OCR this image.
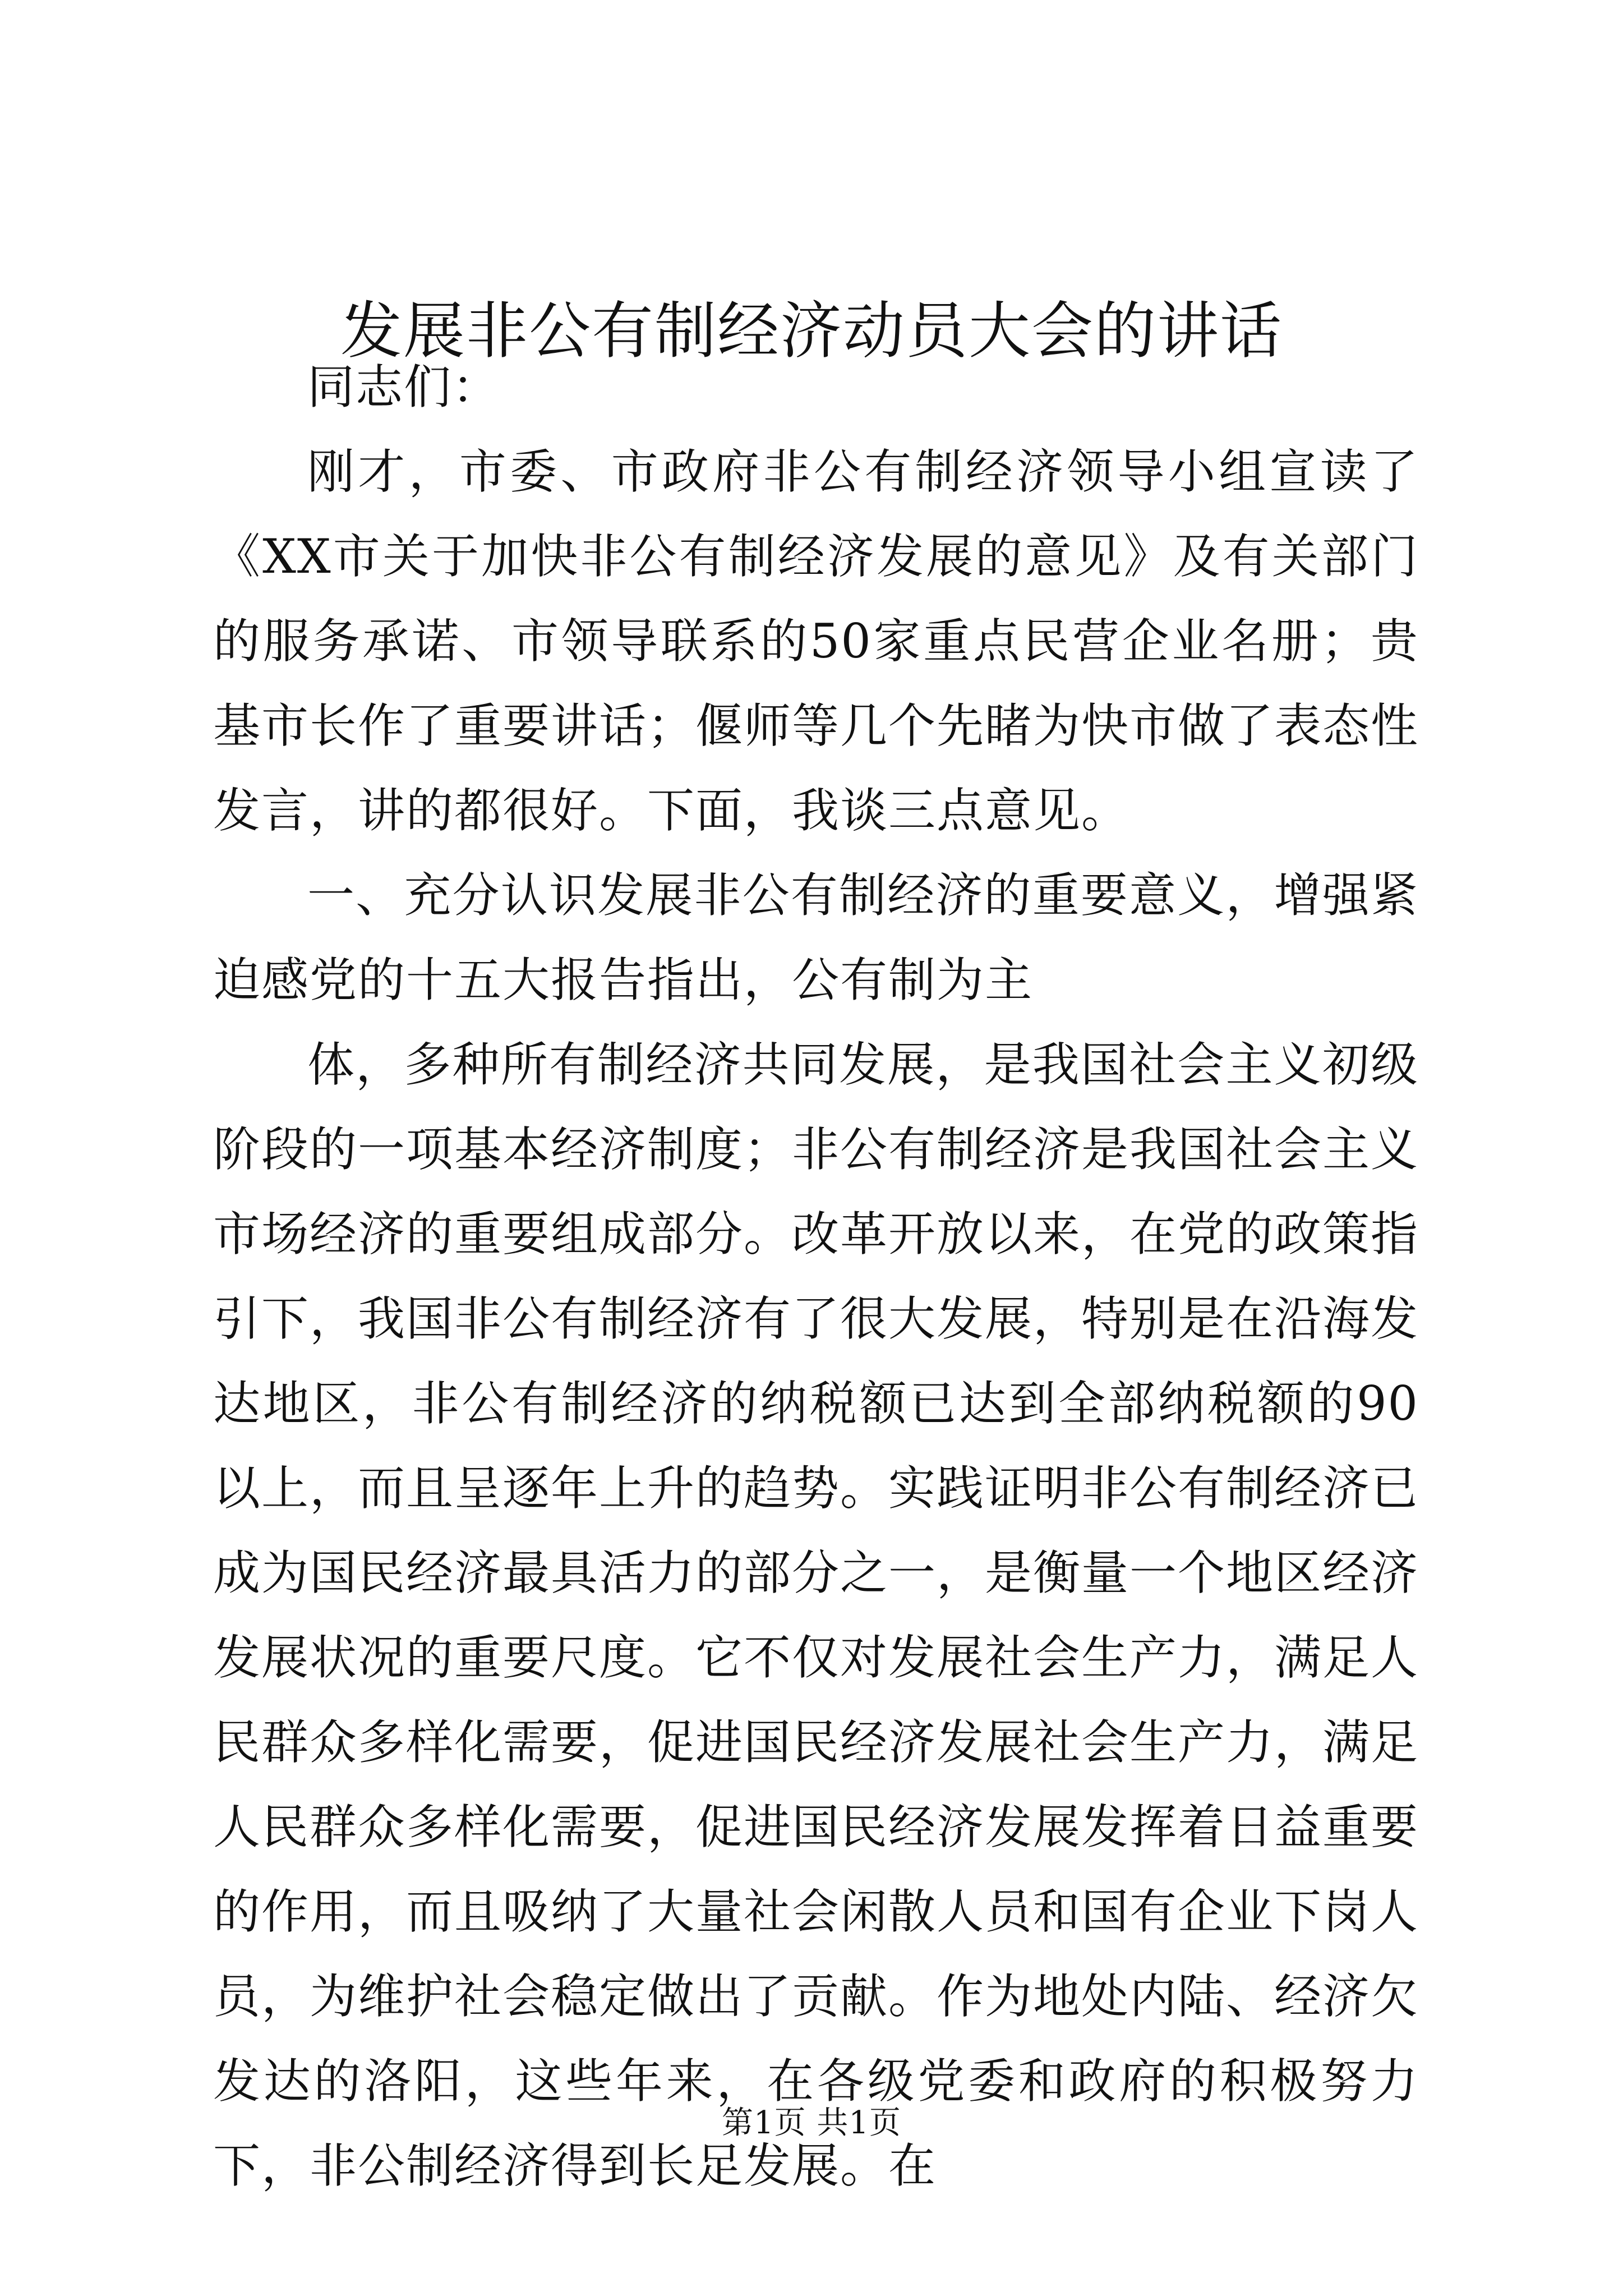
发展非公有制经济动员大会的讲话

同志们：

刚才，市委、市政府非公有制经济领导小组宣读了《XX市关于加快非公有制经济发展的意见》及有关部门的服务承诺、市领导联系的50家重点民营企业名册；贵基市长作了重要讲话；偃师等几个先睹为快市做了表态性发言，讲的都很好。下面，我谈三点意见。

一、充分认识发展非公有制经济的重要意义，增强紧迫感党的十五大报告指出，公有制为主

体，多种所有制经济共同发展，是我国社会主义初级阶段的一项基本经济制度；非公有制经济是我国社会主义市场经济的重要组成部分。改革开放以来，在党的政策指引下，我国非公有制经济有了很大发展，特别是在沿海发达地区，非公有制经济的纳税额已达到全部纳税额的90以上，而且呈逐年上升的趋势。实践证明非公有制经济已成为国民经济最具活力的部分之一，是衡量一个地区经济发展状况的重要尺度。它不仅对发展社会生产力，满足人民群众多样化需要，促进国民经济发展社会生产力，满足人民群众多样化需要，促进国民经济发展发挥着日益重要的作用，而且吸纳了大量社会闲散人员和国有企业下岗人员，为维护社会稳定做出了贡献。作为地处内陆、经济欠发达的洛阳，这些年来，在各级党委和政府的积极努力下，非公制经济得到长足发展。在

第1页 共1页
